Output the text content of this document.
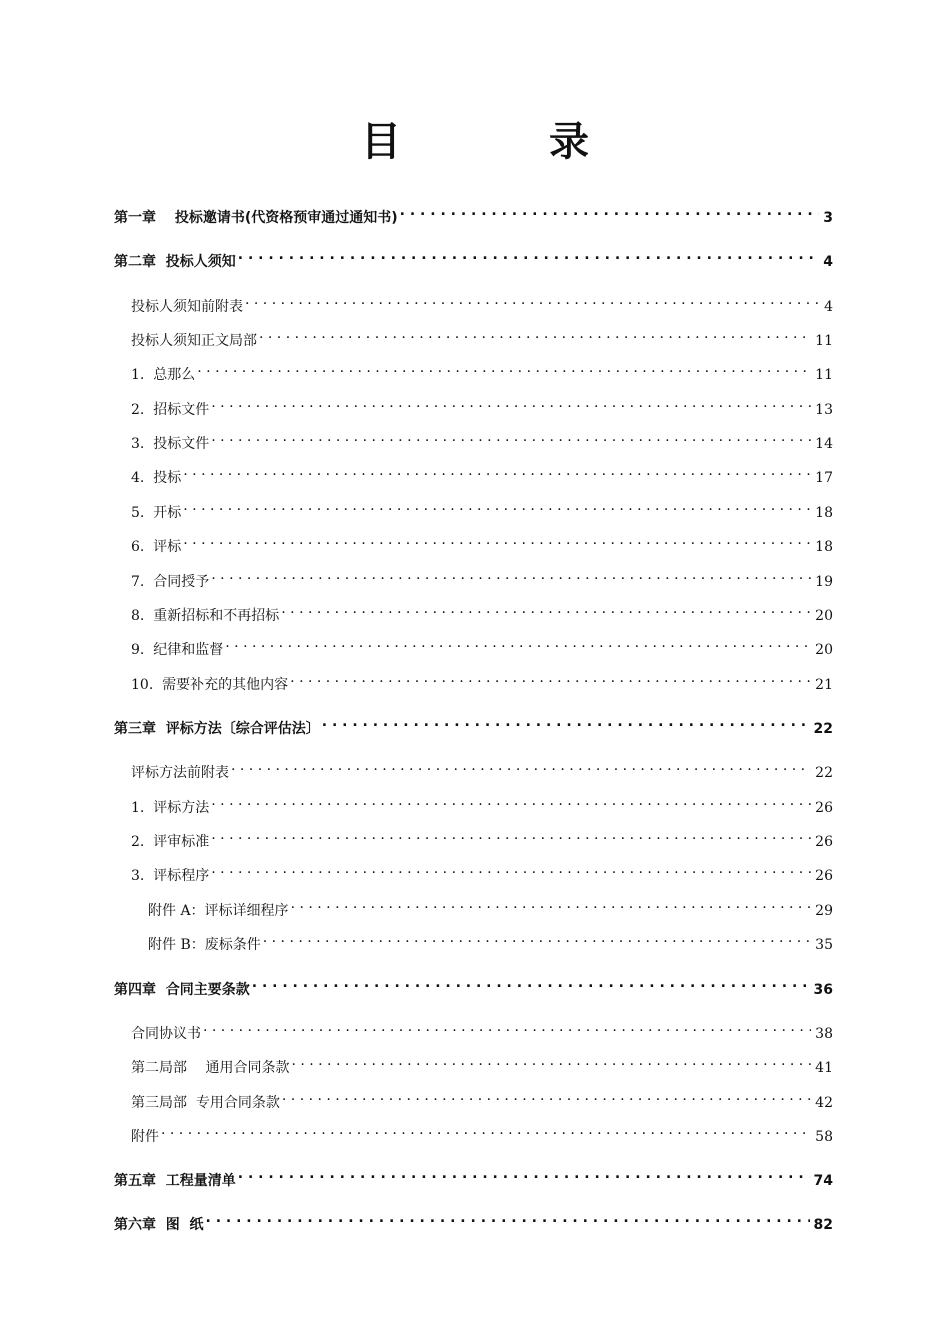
目　录
第一章　 投标邀请书(代资格预审通过通知书) . . .	3
第二章  投标人须知 . . .	4
投标人须知前附表 . . .	4
投标人须知正文局部 . . .	11
1.  总那么 . . .	11
2.  招标文件 . . .	13
3.  投标文件 . . .	14
4.  投标 . . .	17
5.  开标 . . .	18
6.  评标 . . .	18
7.  合同授予 . . .	19
8.  重新招标和不再招标 . . .	20
9.  纪律和监督 . . .	20
10.  需要补充的其他内容 . . .	21
第三章  评标方法〔综合评估法〕 . . .	22
评标方法前附表 . . .	22
1.  评标方法 . . .	26
2.  评审标准 . . .	26
3.  评标程序 . . .	26
附件 A：评标详细程序 . . .	29
附件 B：废标条件 . . .	35
第四章  合同主要条款 . . .	36
合同协议书 . . .	38
第二局部　 通用合同条款 . . .	41
第三局部  专用合同条款 . . .	42
附件 . . .	58
第五章  工程量清单 . . .	74
第六章  图  纸 . . .	82
